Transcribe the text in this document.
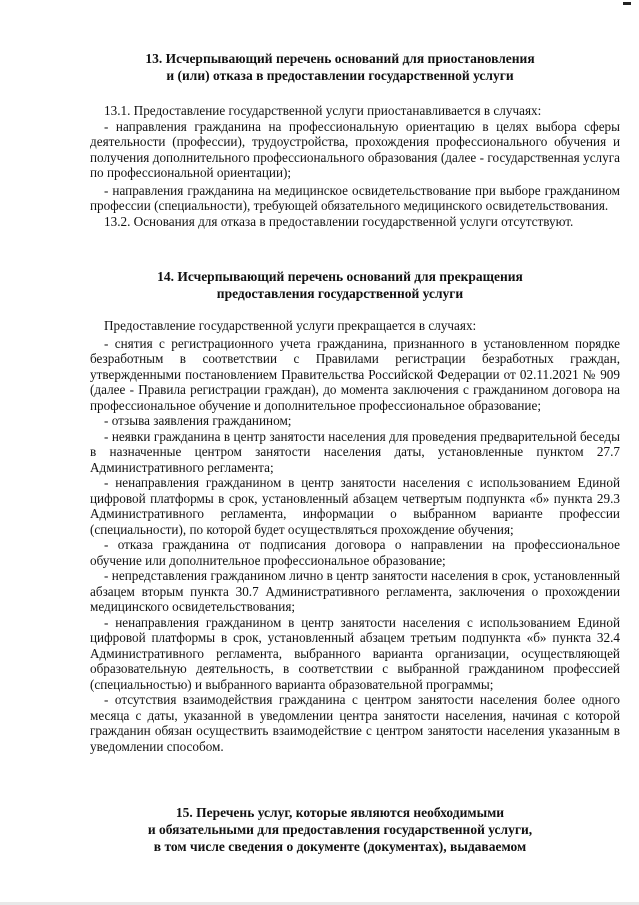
13. Исчерпывающий перечень оснований для приостановления
и (или) отказа в предоставлении государственной услуги

13.1. Предоставление государственной услуги приостанавливается в случаях:

- направления гражданина на профессиональную ориентацию в целях выбора сферы деятельности (профессии), трудоустройства, прохождения профессионального обучения и получения дополнительного профессионального образования (далее - государственная услуга по профессиональной ориентации);

- направления гражданина на медицинское освидетельствование при выборе гражданином профессии (специальности), требующей обязательного медицинского освидетельствования.

13.2. Основания для отказа в предоставлении государственной услуги отсутствуют.

14. Исчерпывающий перечень оснований для прекращения
предоставления государственной услуги

Предоставление государственной услуги прекращается в случаях:

- снятия с регистрационного учета гражданина, признанного в установленном порядке безработным в соответствии с Правилами регистрации безработных граждан, утвержденными постановлением Правительства Российской Федерации от 02.11.2021 № 909 (далее - Правила регистрации граждан), до момента заключения с гражданином договора на профессиональное обучение и дополнительное профессиональное образование;

- отзыва заявления гражданином;

- неявки гражданина в центр занятости населения для проведения предварительной беседы в назначенные центром занятости населения даты, установленные пунктом 27.7 Административного регламента;

- ненаправления гражданином в центр занятости населения с использованием Единой цифровой платформы в срок, установленный абзацем четвертым подпункта «б» пункта 29.3 Административного регламента, информации о выбранном варианте профессии (специальности), по которой будет осуществляться прохождение обучения;

- отказа гражданина от подписания договора о направлении на профессиональное обучение или дополнительное профессиональное образование;

- непредставления гражданином лично в центр занятости населения в срок, установленный абзацем вторым пункта 30.7 Административного регламента, заключения о прохождении медицинского освидетельствования;

- ненаправления гражданином в центр занятости населения с использованием Единой цифровой платформы в срок, установленный абзацем третьим подпункта «б» пункта 32.4 Административного регламента, выбранного варианта организации, осуществляющей образовательную деятельность, в соответствии с выбранной гражданином профессией (специальностью) и выбранного варианта образовательной программы;

- отсутствия взаимодействия гражданина с центром занятости населения более одного месяца с даты, указанной в уведомлении центра занятости населения, начиная с которой гражданин обязан осуществить взаимодействие с центром занятости населения указанным в уведомлении способом.

15. Перечень услуг, которые являются необходимыми
и обязательными для предоставления государственной услуги,
в том числе сведения о документе (документах), выдаваемом
